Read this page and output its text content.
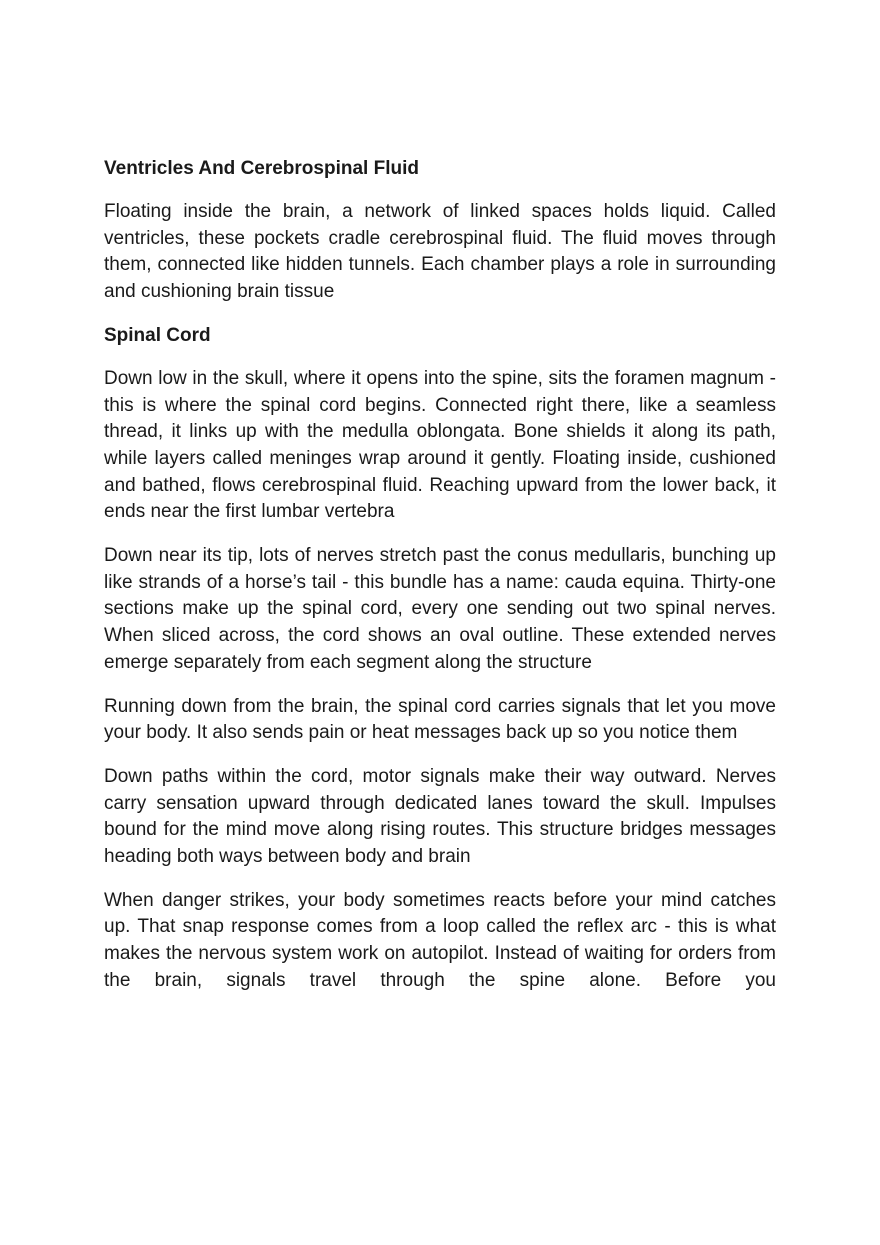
Ventricles And Cerebrospinal Fluid
Floating inside the brain, a network of linked spaces holds liquid. Called ventricles, these pockets cradle cerebrospinal fluid. The fluid moves through them, connected like hidden tunnels. Each chamber plays a role in surrounding and cushioning brain tissue
Spinal Cord
Down low in the skull, where it opens into the spine, sits the foramen magnum - this is where the spinal cord begins. Connected right there, like a seamless thread, it links up with the medulla oblongata. Bone shields it along its path, while layers called meninges wrap around it gently. Floating inside, cushioned and bathed, flows cerebrospinal fluid. Reaching upward from the lower back, it ends near the first lumbar vertebra
Down near its tip, lots of nerves stretch past the conus medullaris, bunching up like strands of a horse’s tail - this bundle has a name: cauda equina. Thirty-one sections make up the spinal cord, every one sending out two spinal nerves. When sliced across, the cord shows an oval outline. These extended nerves emerge separately from each segment along the structure
Running down from the brain, the spinal cord carries signals that let you move your body. It also sends pain or heat messages back up so you notice them
Down paths within the cord, motor signals make their way outward. Nerves carry sensation upward through dedicated lanes toward the skull. Impulses bound for the mind move along rising routes. This structure bridges messages heading both ways between body and brain
When danger strikes, your body sometimes reacts before your mind catches up. That snap response comes from a loop called the reflex arc - this is what makes the nervous system work on autopilot. Instead of waiting for orders from the brain, signals travel through the spine alone. Before you
